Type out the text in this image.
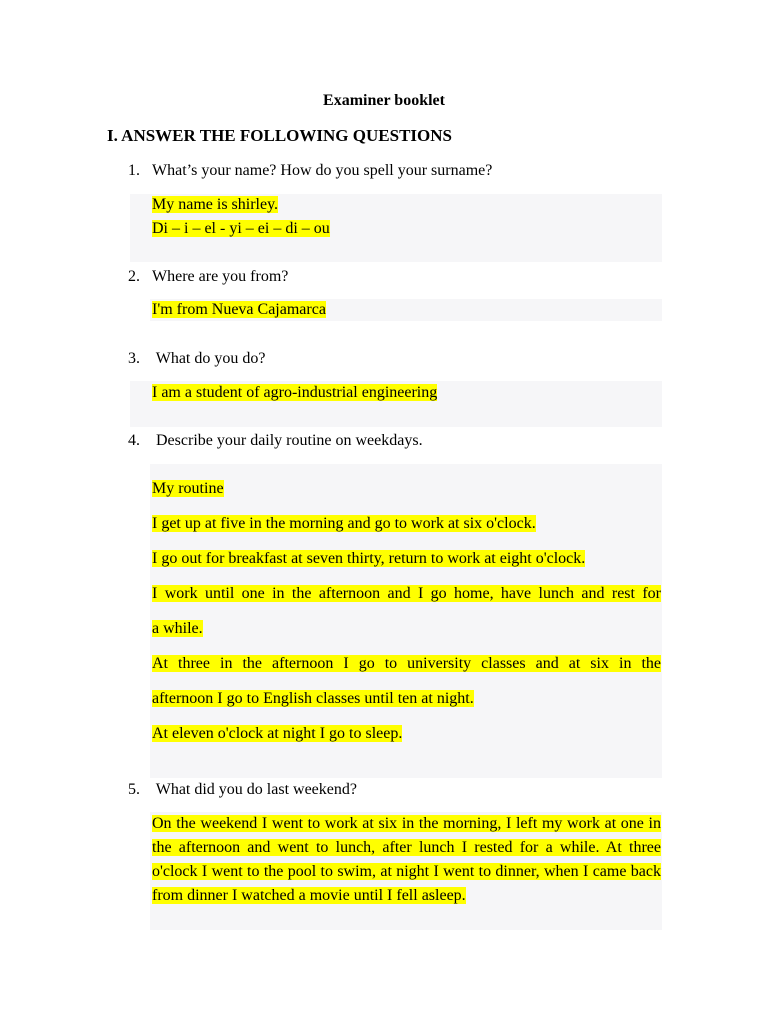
Examiner booklet
I. ANSWER THE FOLLOWING QUESTIONS
1. What’s your name? How do you spell your surname?
My name is shirley.
Di – i – el - yi – ei – di – ou
2. Where are you from?
I'm from Nueva Cajamarca
3. What do you do?
I am a student of agro-industrial engineering
4. Describe your daily routine on weekdays.
My routine
I get up at five in the morning and go to work at six o'clock.
I go out for breakfast at seven thirty, return to work at eight o'clock.
I work until one in the afternoon and I go home, have lunch and rest for
a while.
At three in the afternoon I go to university classes and at six in the
afternoon I go to English classes until ten at night.
At eleven o'clock at night I go to sleep.
5. What did you do last weekend?
On the weekend I went to work at six in the morning, I left my work at one in the afternoon and went to lunch, after lunch I rested for a while. At three o'clock I went to the pool to swim, at night I went to dinner, when I came back from dinner I watched a movie until I fell asleep.
